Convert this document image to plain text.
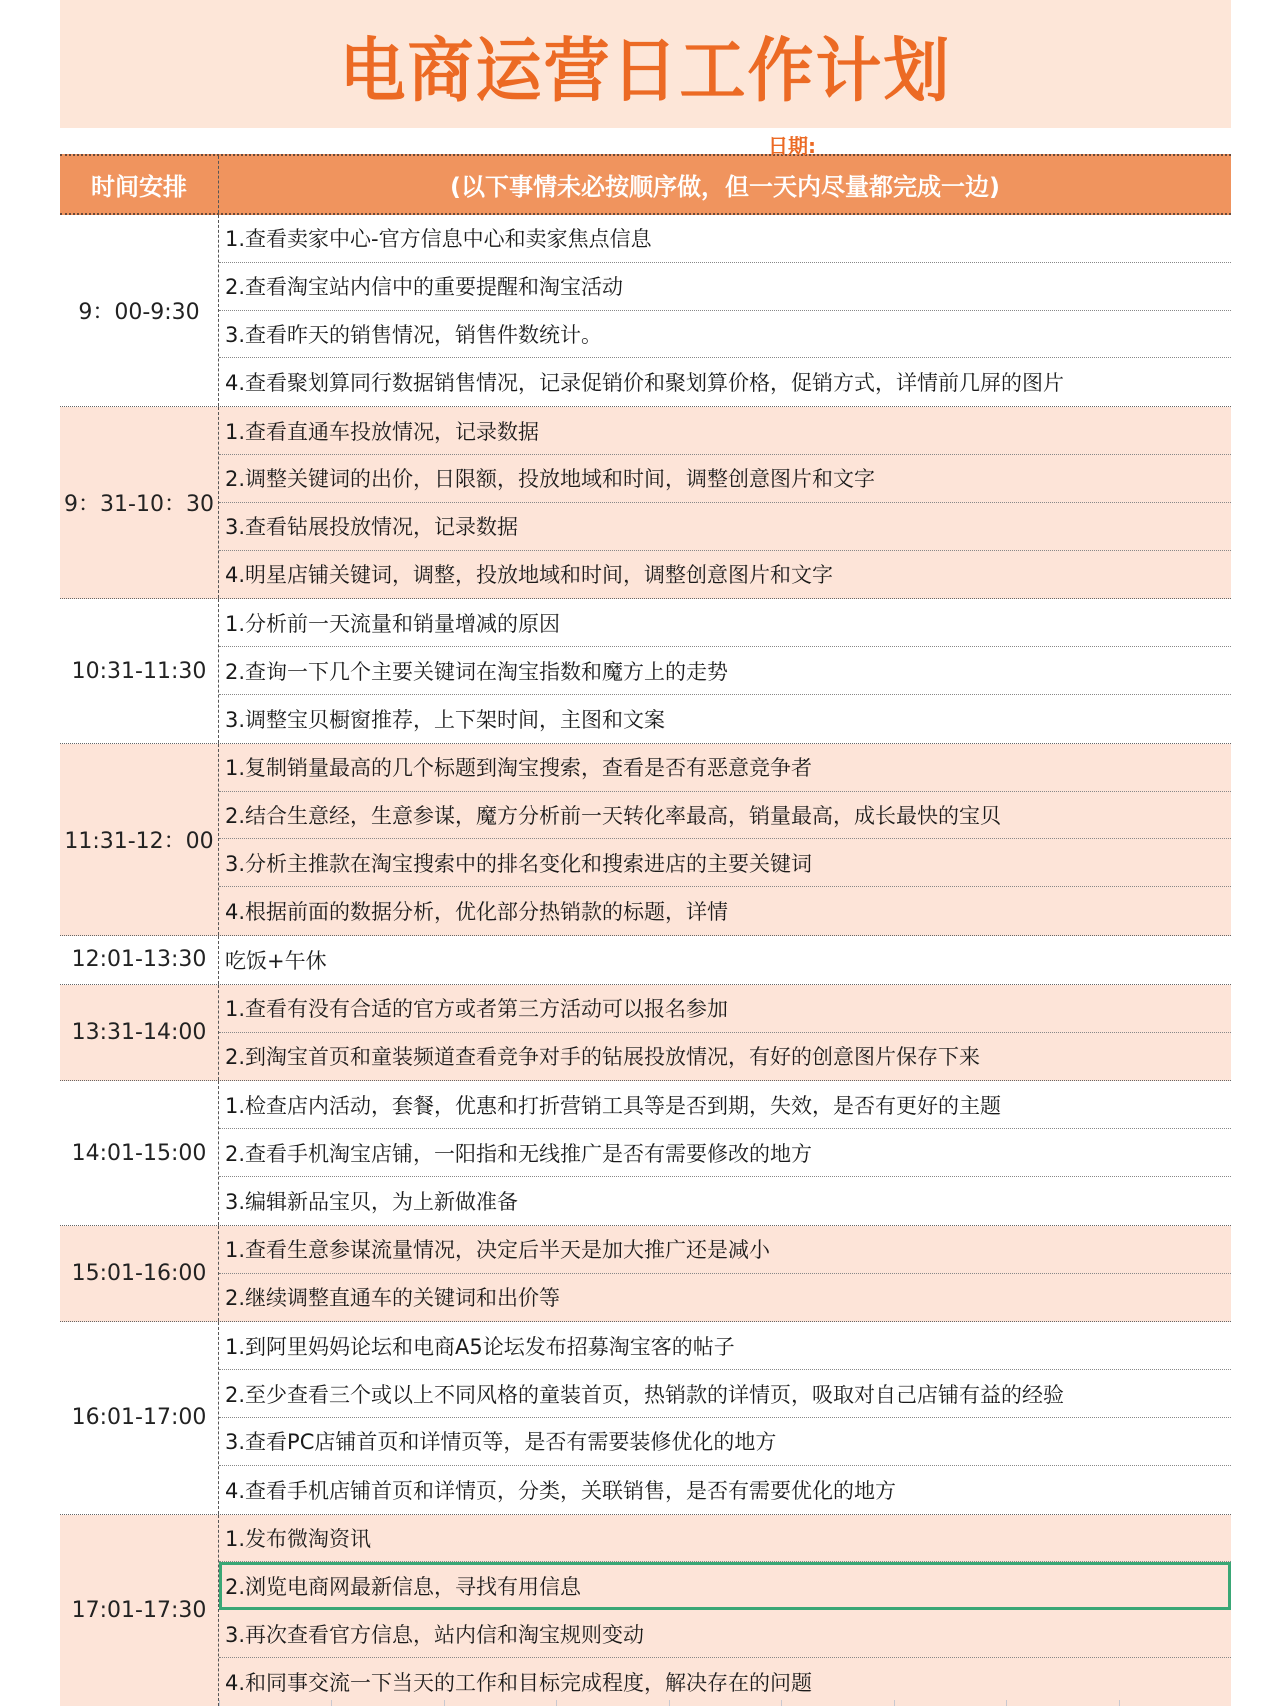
电商运营日工作计划
日期:
时间安排	(以下事情未必按顺序做，但一天内尽量都完成一边)
9：00-9:30
1.查看卖家中心-官方信息中心和卖家焦点信息
2.查看淘宝站内信中的重要提醒和淘宝活动
3.查看昨天的销售情况，销售件数统计。
4.查看聚划算同行数据销售情况，记录促销价和聚划算价格，促销方式，详情前几屏的图片
9：31-10：30
1.查看直通车投放情况，记录数据
2.调整关键词的出价，日限额，投放地域和时间，调整创意图片和文字
3.查看钻展投放情况，记录数据
4.明星店铺关键词，调整，投放地域和时间，调整创意图片和文字
10:31-11:30
1.分析前一天流量和销量增减的原因
2.查询一下几个主要关键词在淘宝指数和魔方上的走势
3.调整宝贝橱窗推荐，上下架时间，主图和文案
11:31-12：00
1.复制销量最高的几个标题到淘宝搜索，查看是否有恶意竞争者
2.结合生意经，生意参谋，魔方分析前一天转化率最高，销量最高，成长最快的宝贝
3.分析主推款在淘宝搜索中的排名变化和搜索进店的主要关键词
4.根据前面的数据分析，优化部分热销款的标题，详情
12:01-13:30 吃饭+午休
13:31-14:00
1.查看有没有合适的官方或者第三方活动可以报名参加
2.到淘宝首页和童装频道查看竞争对手的钻展投放情况，有好的创意图片保存下来
14:01-15:00
1.检查店内活动，套餐，优惠和打折营销工具等是否到期，失效，是否有更好的主题
2.查看手机淘宝店铺，一阳指和无线推广是否有需要修改的地方
3.编辑新品宝贝，为上新做准备
15:01-16:00
1.查看生意参谋流量情况，决定后半天是加大推广还是减小
2.继续调整直通车的关键词和出价等
16:01-17:00
1.到阿里妈妈论坛和电商A5论坛发布招募淘宝客的帖子
2.至少查看三个或以上不同风格的童装首页，热销款的详情页，吸取对自己店铺有益的经验
3.查看PC店铺首页和详情页等，是否有需要装修优化的地方
4.查看手机店铺首页和详情页，分类，关联销售，是否有需要优化的地方
17:01-17:30
1.发布微淘资讯
2.浏览电商网最新信息，寻找有用信息
3.再次查看官方信息，站内信和淘宝规则变动
4.和同事交流一下当天的工作和目标完成程度，解决存在的问题
